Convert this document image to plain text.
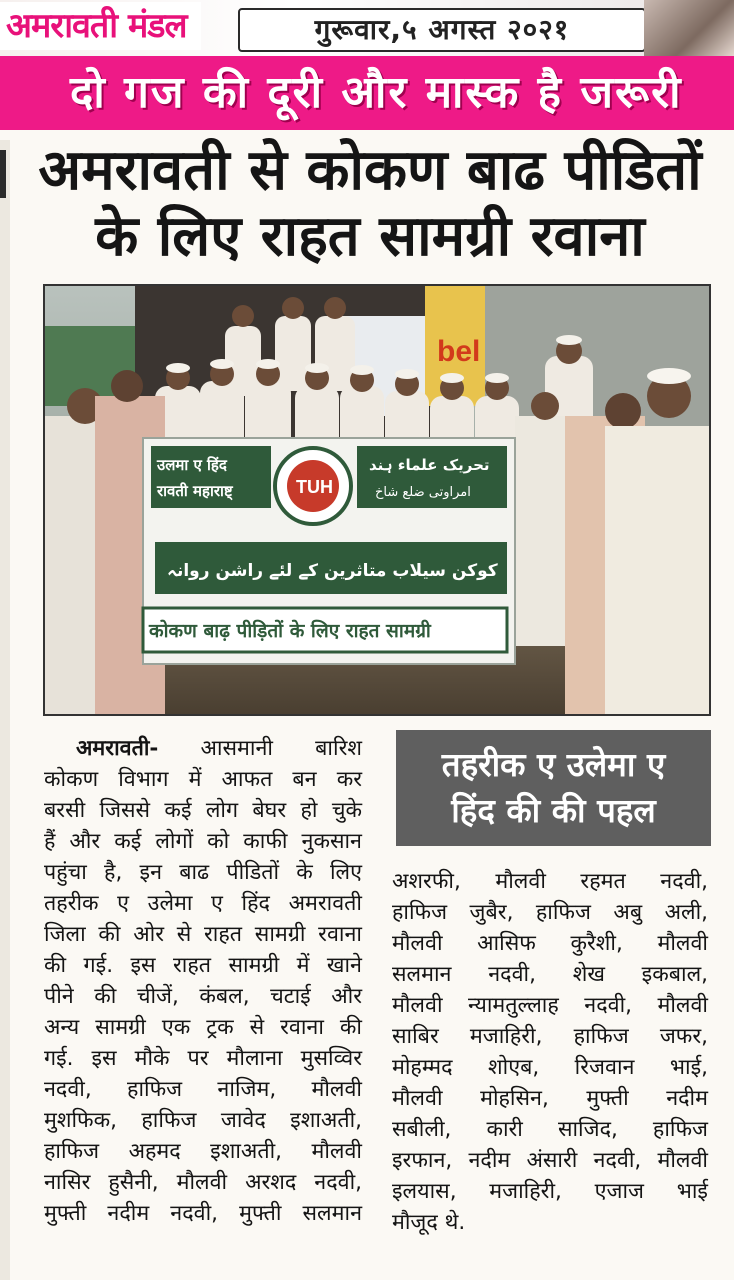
अमरावती मंडल	गुरूवार,५ अगस्त २०२१
दो गज की दूरी और मास्क है जरूरी
अमरावती से कोकण बाढ पीडितों
के लिए राहत सामग्री रवाना
bel
उलमा ए हिंद
रावती महाराष्ट्	TUH
تحریک علماء ہند
امراوتی ضلع شاخ
کوکن سیلاب متاثرین کے لئے راشن روانہ
कोकण बाढ़ पीड़ितों के लिए राहत सामग्री
अमरावती- आसमानी बारिश
कोकण विभाग में आफत बन कर
बरसी जिससे कई लोग बेघर हो चुके
हैं और कई लोगों को काफी नुकसान
पहुंचा है, इन बाढ पीडितों के लिए
तहरीक ए उलेमा ए हिंद अमरावती
जिला की ओर से राहत सामग्री रवाना
की गई. इस राहत सामग्री में खाने
पीने की चीजें, कंबल, चटाई और
अन्य सामग्री एक ट्रक से रवाना की
गई. इस मौके पर मौलाना मुसव्विर
नदवी, हाफिज नाजिम, मौलवी
मुशफिक, हाफिज जावेद इशाअती,
हाफिज अहमद इशाअती, मौलवी
नासिर हुसैनी, मौलवी अरशद नदवी,
मुफ्ती नदीम नदवी, मुफ्ती सलमान
तहरीक ए उलेमा ए
हिंद की की पहल
अशरफी, मौलवी रहमत नदवी,
हाफिज जुबैर, हाफिज अबु अली,
मौलवी आसिफ कुरैशी, मौलवी
सलमान नदवी, शेख इकबाल,
मौलवी न्यामतुल्लाह नदवी, मौलवी
साबिर मजाहिरी, हाफिज जफर,
मोहम्मद शोएब, रिजवान भाई,
मौलवी मोहसिन, मुफ्ती नदीम
सबीली, कारी साजिद, हाफिज
इरफान, नदीम अंसारी नदवी, मौलवी
इलयास, मजाहिरी, एजाज भाई
मौजूद थे.
